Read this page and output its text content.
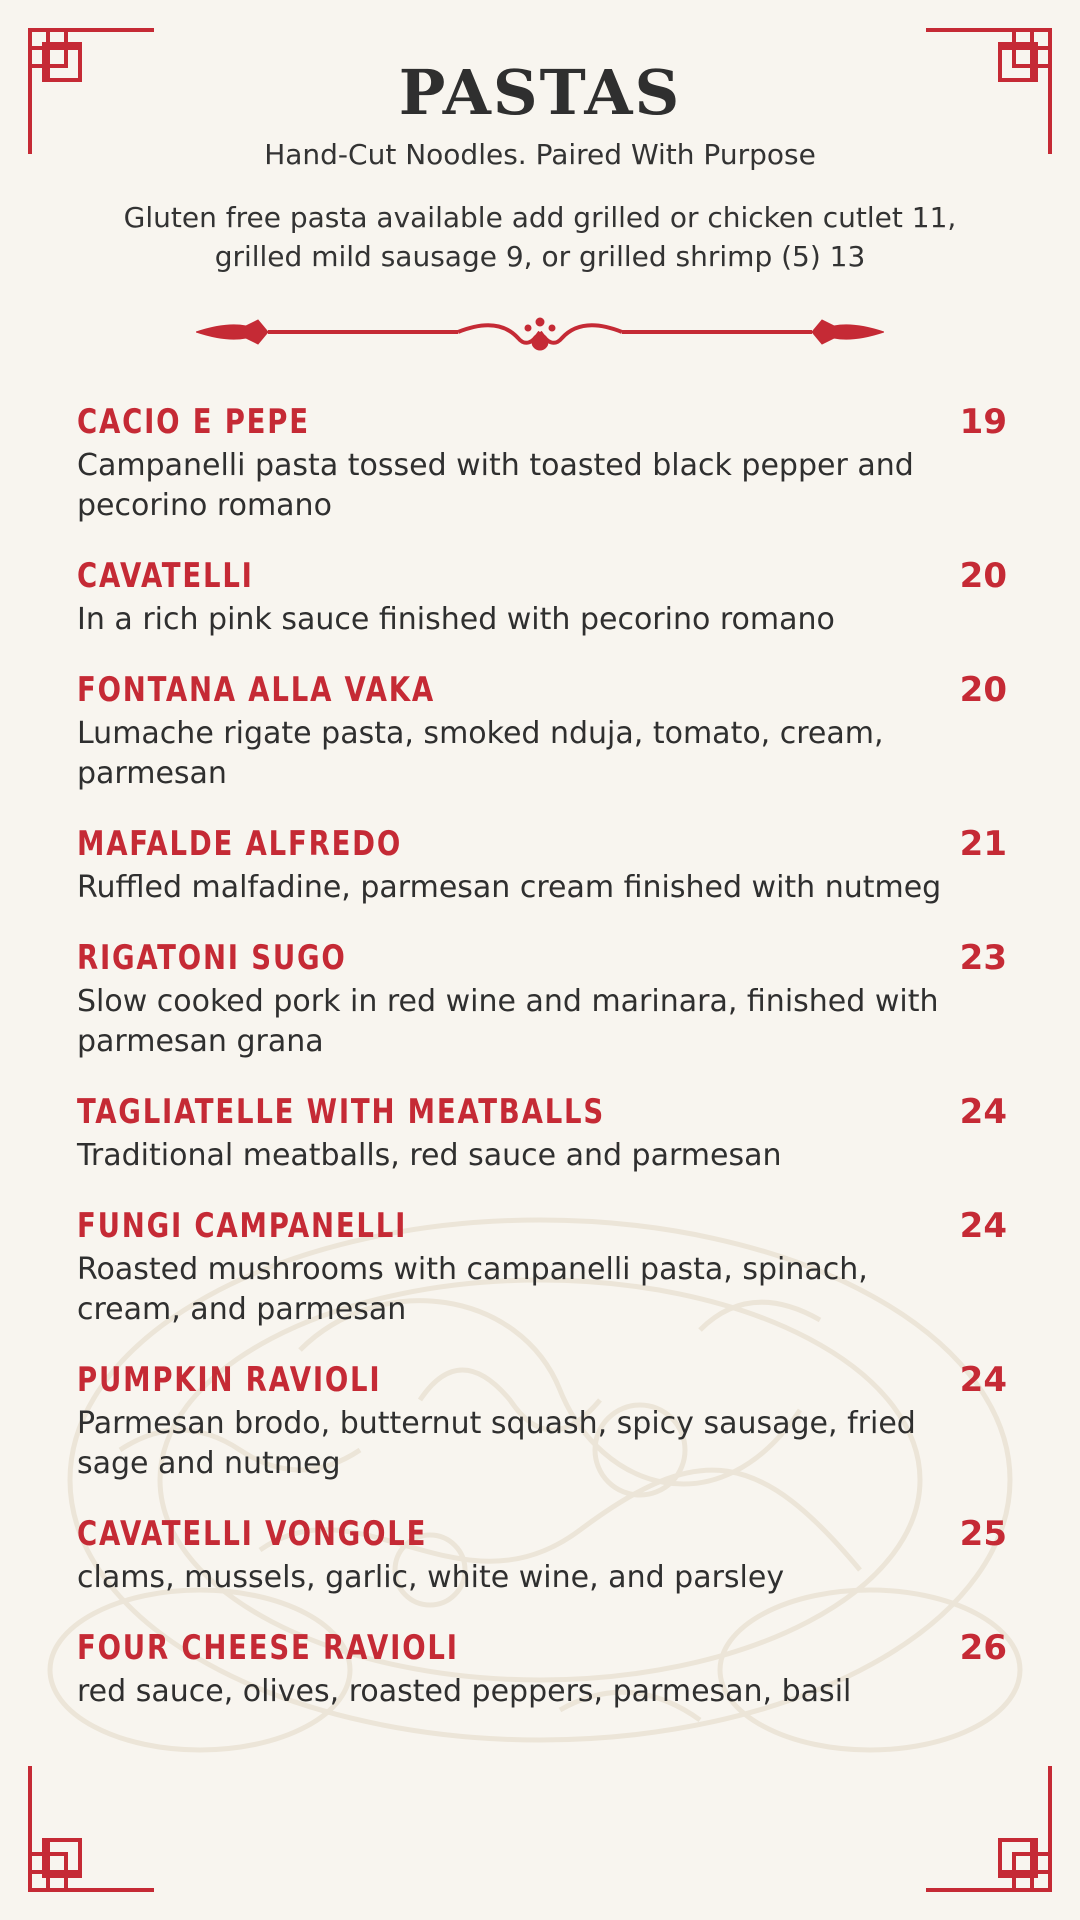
PASTAS
Hand-Cut Noodles. Paired With Purpose
Gluten free pasta available add grilled or chicken cutlet 11, grilled mild sausage 9, or grilled shrimp (5) 13
CACIO E PEPE	19
Campanelli pasta tossed with toasted black pepper and pecorino romano
CAVATELLI	20
In a rich pink sauce finished with pecorino romano
FONTANA ALLA VAKA	20
Lumache rigate pasta, smoked nduja, tomato, cream, parmesan
MAFALDE ALFREDO	21
Ruffled malfadine, parmesan cream finished with nutmeg
RIGATONI SUGO	23
Slow cooked pork in red wine and marinara, finished with parmesan grana
TAGLIATELLE WITH MEATBALLS	24
Traditional meatballs, red sauce and parmesan
FUNGI CAMPANELLI	24
Roasted mushrooms with campanelli pasta, spinach, cream, and parmesan
PUMPKIN RAVIOLI	24
Parmesan brodo, butternut squash, spicy sausage, fried sage and nutmeg
CAVATELLI VONGOLE	25
clams, mussels, garlic, white wine, and parsley
FOUR CHEESE RAVIOLI	26
red sauce, olives, roasted peppers, parmesan, basil
